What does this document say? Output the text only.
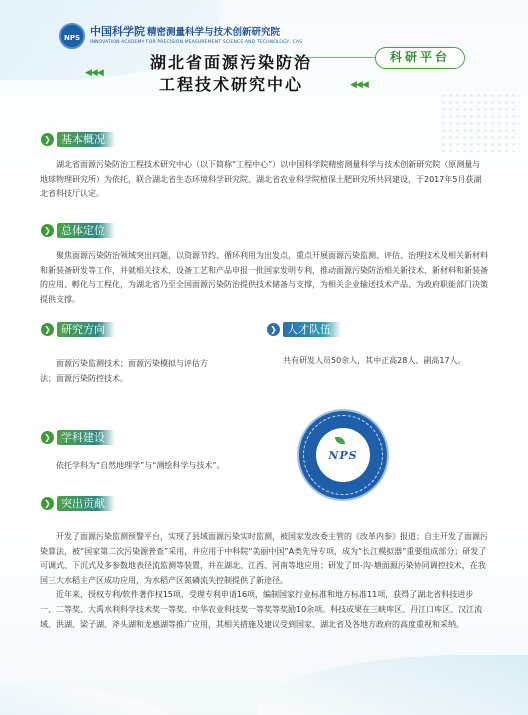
NPS 中国科学院 精密测量科学与技术创新研究院
INNOVATION ACADEMY FOR PRECISION MEASUREMENT SCIENCE AND TECHNOLOGY, CAS
科研平台
◀◀◀
湖北省面源污染防治
工程技术研究中心	◀◀◀
❯ 基本概况

湖北省面源污染防治工程技术研究中心（以下简称“工程中心”）以中国科学院精密测量科学与技术创新研究院（原测量与地球物理研究所）为依托，联合湖北省生态环境科学研究院、湖北省农业科学院植保土肥研究所共同建设，于2017年5月获湖北省科技厅认定。

❯ 总体定位

聚焦面源污染防治领域突出问题，以资源节约、循环利用为出发点，重点开展面源污染监测、评估、治理技术及相关新材料和新装备研发等工作，并就相关技术、设备工艺和产品申报一批国家发明专利，推动面源污染防治相关新技术、新材料和新装备的应用、孵化与工程化，为湖北省乃至全国面源污染防治提供技术储备与支撑，为相关企业输送技术产品、为政府职能部门决策提供支撑。

❯ 研究方向

面源污染监测技术；面源污染模拟与评估方法；面源污染防控技术。

❯ 人才队伍

共有研发人员50余人，其中正高28人、副高17人。

❯ 学科建设

依托学科为“自然地理学”与“测绘科学与技术”。

NPS
❯ 突出贡献

开发了面源污染监测预警平台，实现了县域面源污染实时监测，被国家发改委主管的《改革内参》报道；自主开发了面源污染算法，被“国家第二次污染源普查”采用，并应用于中科院“美丽中国”A类先导专项，成为“长江模拟器”重要组成部分；研发了可调式、下沉式及多参数地表径流监测等装置，并在湖北、江西、河南等地应用；研发了田-沟-塘面源污染协同调控技术，在我国三大水稻主产区成功应用，为水稻产区氮磷流失控制提供了新途径。

近年来，授权专利/软件著作权15项，受理专利申请16项，编制国家行业标准和地方标准11项，获得了湖北省科技进步一、二等奖、大禹水利科学技术奖一等奖、中华农业科技奖一等奖等奖励10余项。科技成果在三峡库区、丹江口库区、汉江流域、洪湖、梁子湖、斧头湖和龙感湖等推广应用，其相关措施及建议受到国家、湖北省及各地方政府的高度重视和采纳。
